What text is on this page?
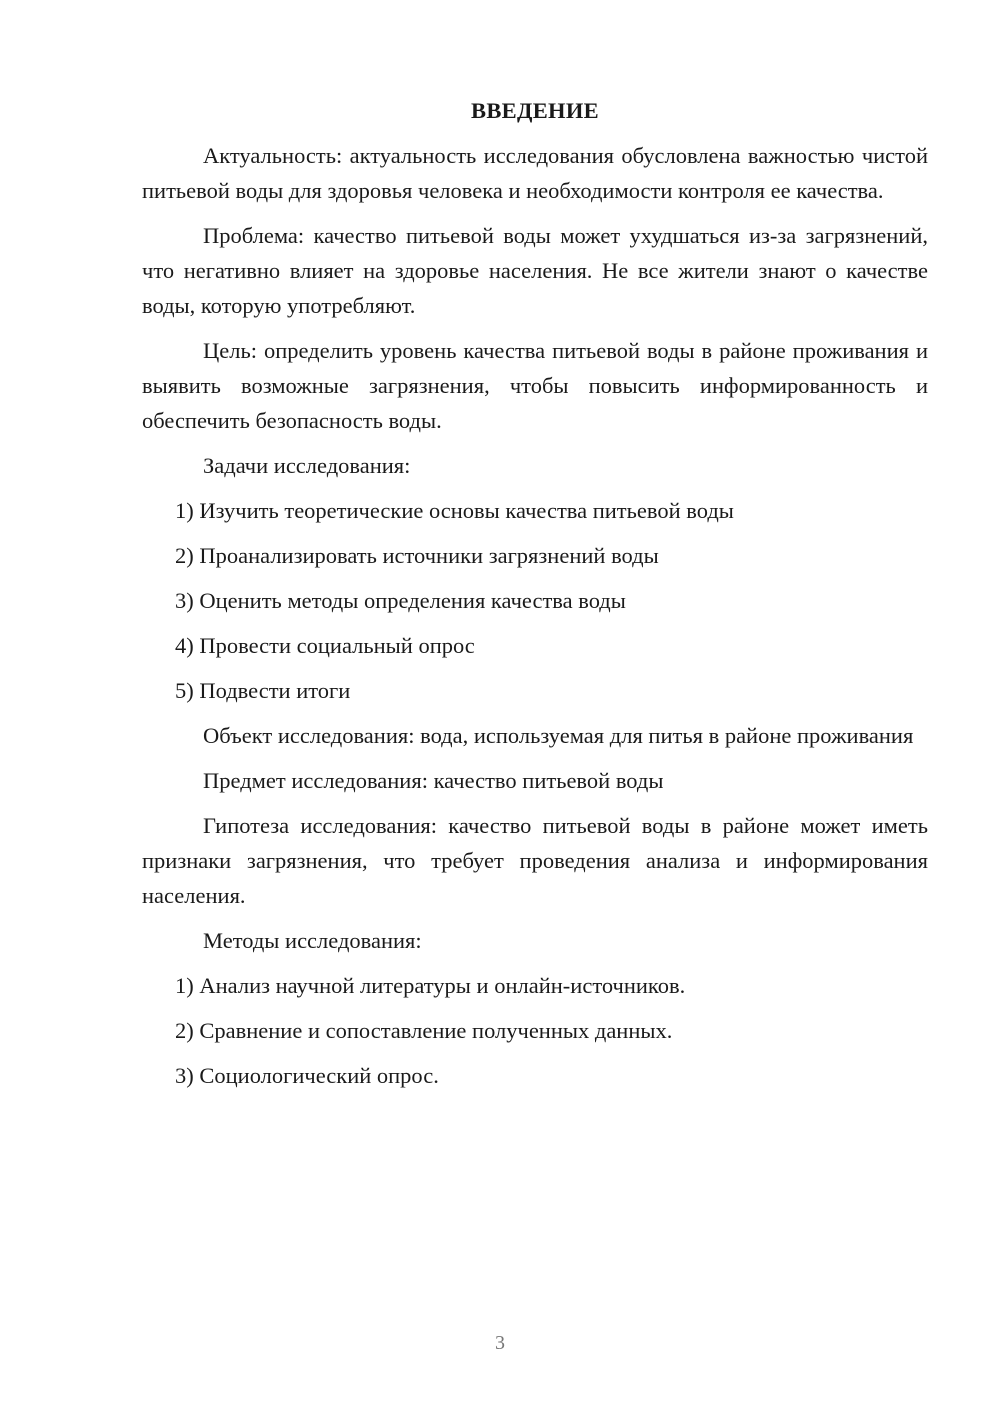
ВВЕДЕНИЕ

Актуальность: актуальность исследования обусловлена важностью чистой питьевой воды для здоровья человека и необходимости контроля ее качества.

Проблема: качество питьевой воды может ухудшаться из-за загрязнений, что негативно влияет на здоровье населения. Не все жители знают о качестве воды, которую употребляют.

Цель: определить уровень качества питьевой воды в районе проживания и выявить возможные загрязнения, чтобы повысить информированность и обеспечить безопасность воды.

Задачи исследования:

1) Изучить теоретические основы качества питьевой воды
2) Проанализировать источники загрязнений воды
3) Оценить методы определения качества воды
4) Провести социальный опрос
5) Подвести итоги

Объект исследования: вода, используемая для питья в районе проживания

Предмет исследования: качество питьевой воды

Гипотеза исследования: качество питьевой воды в районе может иметь признаки загрязнения, что требует проведения анализа и информирования населения.

Методы исследования:

1) Анализ научной литературы и онлайн-источников.
2) Сравнение и сопоставление полученных данных.
3) Социологический опрос.
3
